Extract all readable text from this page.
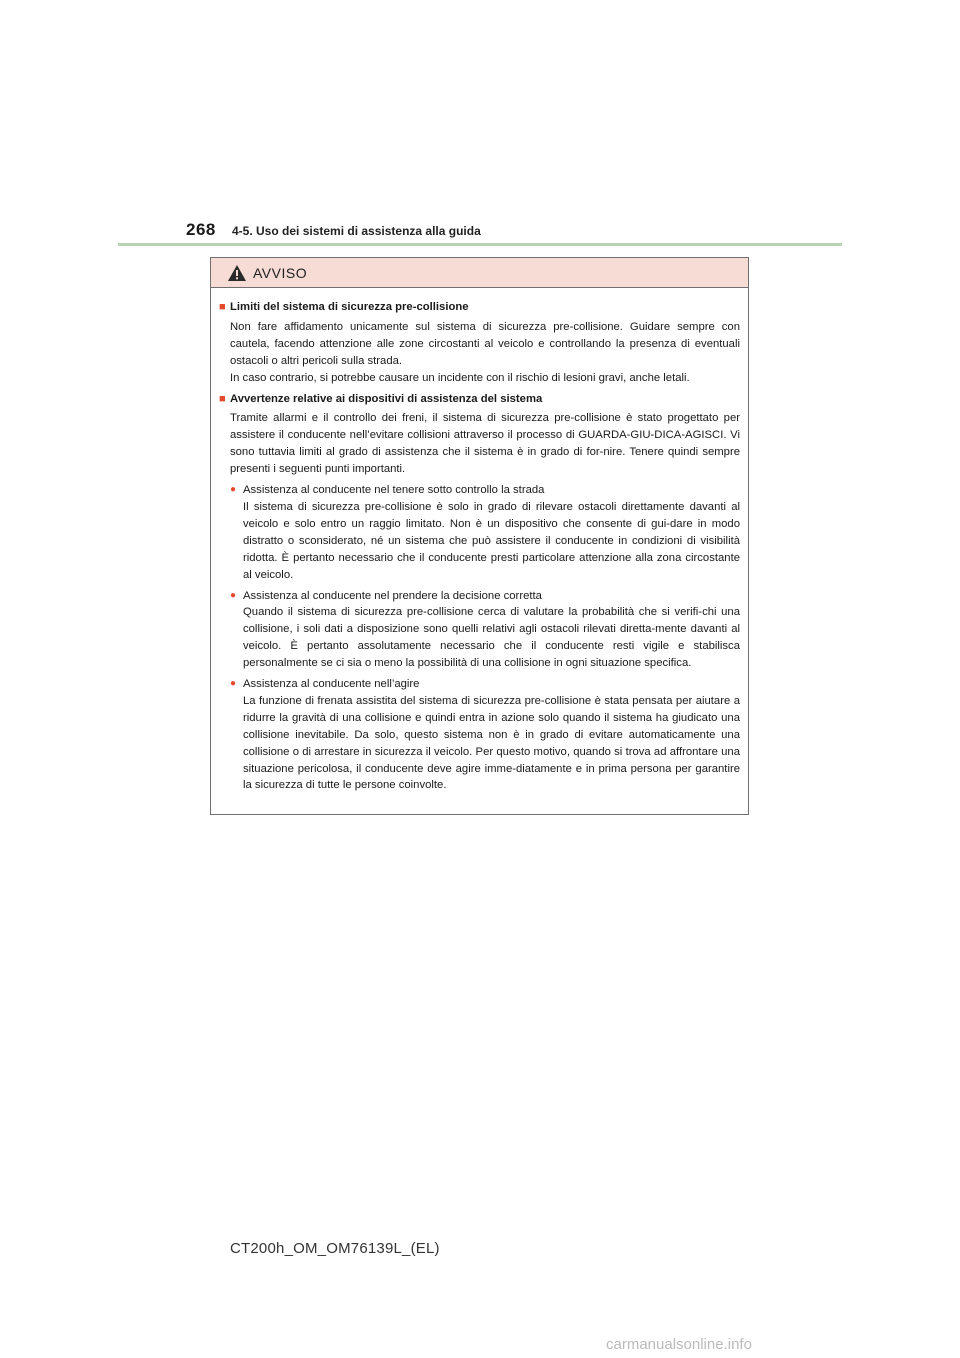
268 4-5. Uso dei sistemi di assistenza alla guida
AVVISO
■ Limiti del sistema di sicurezza pre-collisione

Non fare affidamento unicamente sul sistema di sicurezza pre-collisione. Guidare sempre con cautela, facendo attenzione alle zone circostanti al veicolo e controllando la presenza di eventuali ostacoli o altri pericoli sulla strada.

In caso contrario, si potrebbe causare un incidente con il rischio di lesioni gravi, anche letali.

■ Avvertenze relative ai dispositivi di assistenza del sistema

Tramite allarmi e il controllo dei freni, il sistema di sicurezza pre-collisione è stato progettato per assistere il conducente nell’evitare collisioni attraverso il processo di GUARDA-GIU-DICA-AGISCI. Vi sono tuttavia limiti al grado di assistenza che il sistema è in grado di for-nire. Tenere quindi sempre presenti i seguenti punti importanti.

● Assistenza al conducente nel tenere sotto controllo la strada

Il sistema di sicurezza pre-collisione è solo in grado di rilevare ostacoli direttamente davanti al veicolo e solo entro un raggio limitato. Non è un dispositivo che consente di gui-dare in modo distratto o sconsiderato, né un sistema che può assistere il conducente in condizioni di visibilità ridotta. È pertanto necessario che il conducente presti particolare attenzione alla zona circostante al veicolo.

● Assistenza al conducente nel prendere la decisione corretta

Quando il sistema di sicurezza pre-collisione cerca di valutare la probabilità che si verifi-chi una collisione, i soli dati a disposizione sono quelli relativi agli ostacoli rilevati diretta-mente davanti al veicolo. È pertanto assolutamente necessario che il conducente resti vigile e stabilisca personalmente se ci sia o meno la possibilità di una collisione in ogni situazione specifica.

● Assistenza al conducente nell’agire

La funzione di frenata assistita del sistema di sicurezza pre-collisione è stata pensata per aiutare a ridurre la gravità di una collisione e quindi entra in azione solo quando il sistema ha giudicato una collisione inevitabile. Da solo, questo sistema non è in grado di evitare automaticamente una collisione o di arrestare in sicurezza il veicolo. Per questo motivo, quando si trova ad affrontare una situazione pericolosa, il conducente deve agire imme-diatamente e in prima persona per garantire la sicurezza di tutte le persone coinvolte.

CT200h_OM_OM76139L_(EL)
carmanualsonline.info
